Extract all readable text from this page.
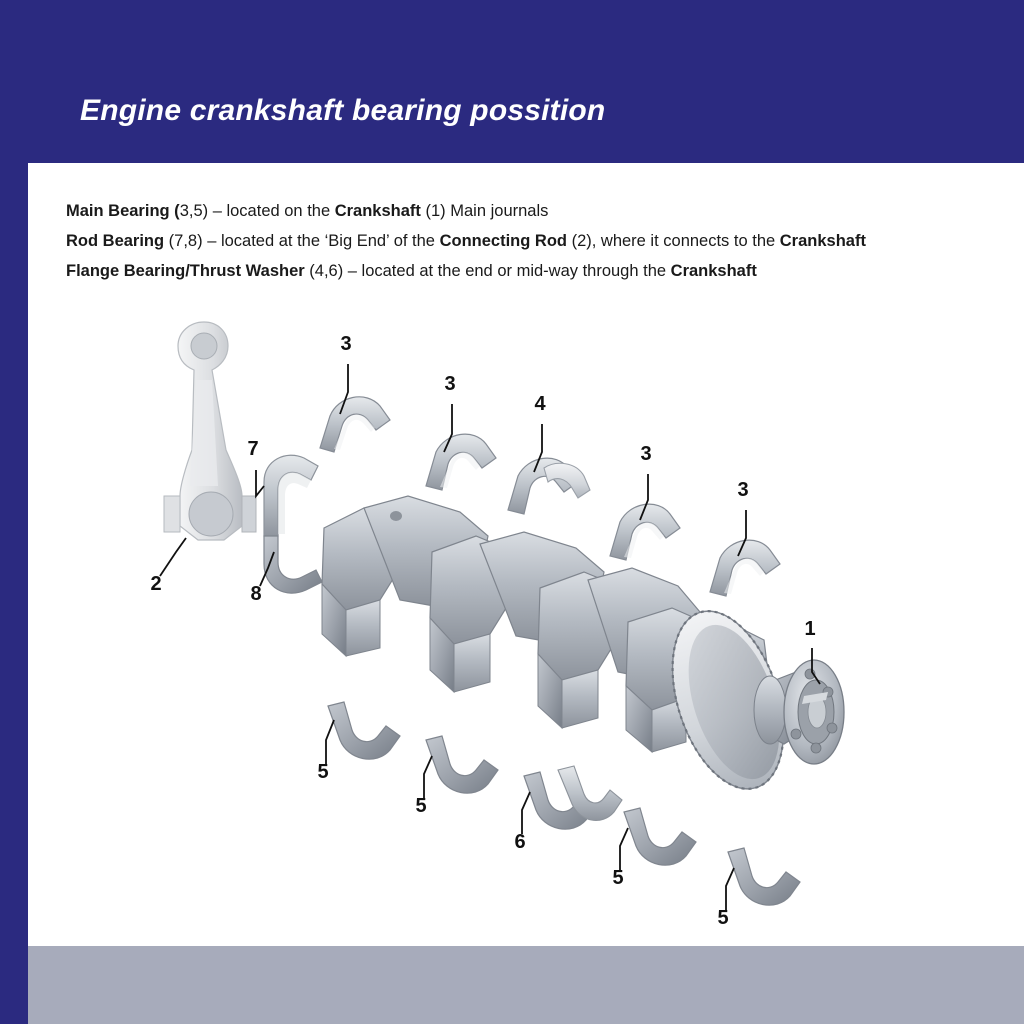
Engine crankshaft bearing possition
Main Bearing (3,5) – located on the Crankshaft (1) Main journals
Rod Bearing (7,8) – located at the ‘Big End’ of the Connecting Rod (2), where it connects to the Crankshaft
Flange Bearing/Thrust Washer (4,6) – located at the end or mid-way through the Crankshaft
3
3
4
3
3
7
8
2
1
5
5
6
5
5
